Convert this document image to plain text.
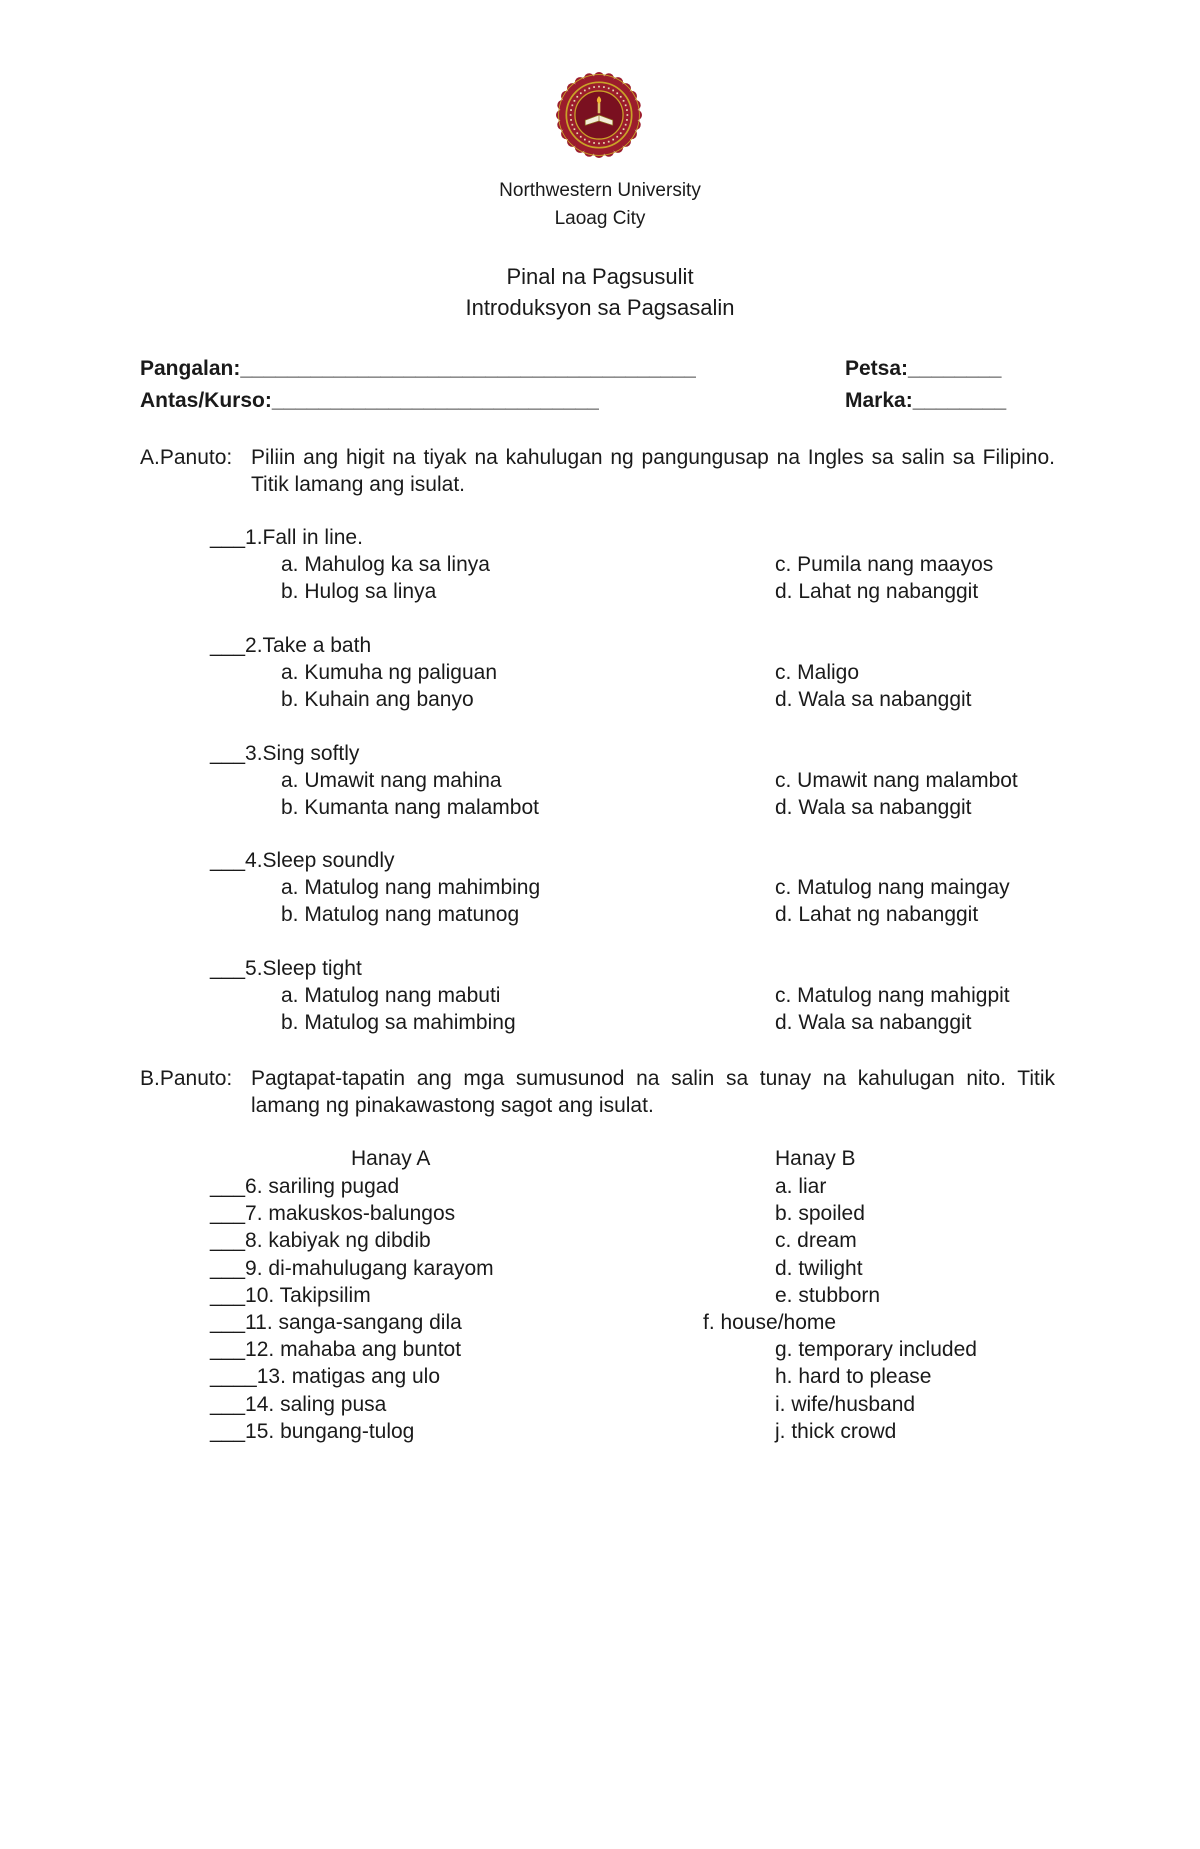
Northwestern University
Laoag City
Pinal na Pagsusulit
Introduksyon sa Pagsasalin
Pangalan:_______________________________________
Antas/Kurso:____________________________
Petsa:________
Marka:________
A.Panuto: Piliin ang higit na tiyak na kahulugan ng pangungusap na Ingles sa salin sa Filipino. Titik lamang ang isulat.
___1.Fall in line.
a. Mahulog ka sa linya
b. Hulog sa linya
c. Pumila nang maayos
d. Lahat ng nabanggit
___2.Take a bath
a. Kumuha ng paliguan
b. Kuhain ang banyo
c. Maligo
d. Wala sa nabanggit
___3.Sing softly
a. Umawit nang mahina
b. Kumanta nang malambot
c. Umawit nang malambot
d. Wala sa nabanggit
___4.Sleep soundly
a. Matulog nang mahimbing
b. Matulog nang matunog
c. Matulog nang maingay
d. Lahat ng nabanggit
___5.Sleep tight
a. Matulog nang mabuti
b. Matulog sa mahimbing
c. Matulog nang mahigpit
d. Wala sa nabanggit
B.Panuto: Pagtapat-tapatin ang mga sumusunod na salin sa tunay na kahulugan nito. Titik lamang ng pinakawastong sagot ang isulat.
Hanay A	Hanay B
___6. sariling pugad
___7. makuskos-balungos
___8. kabiyak ng dibdib
___9. di-mahulugang karayom
___10. Takipsilim
___11. sanga-sangang dila
___12. mahaba ang buntot
____13. matigas ang ulo
___14. saling pusa
___15. bungang-tulog
a. liar
b. spoiled
c. dream
d. twilight
e. stubborn
f. house/home
g. temporary included
h. hard to please
i. wife/husband
j. thick crowd
